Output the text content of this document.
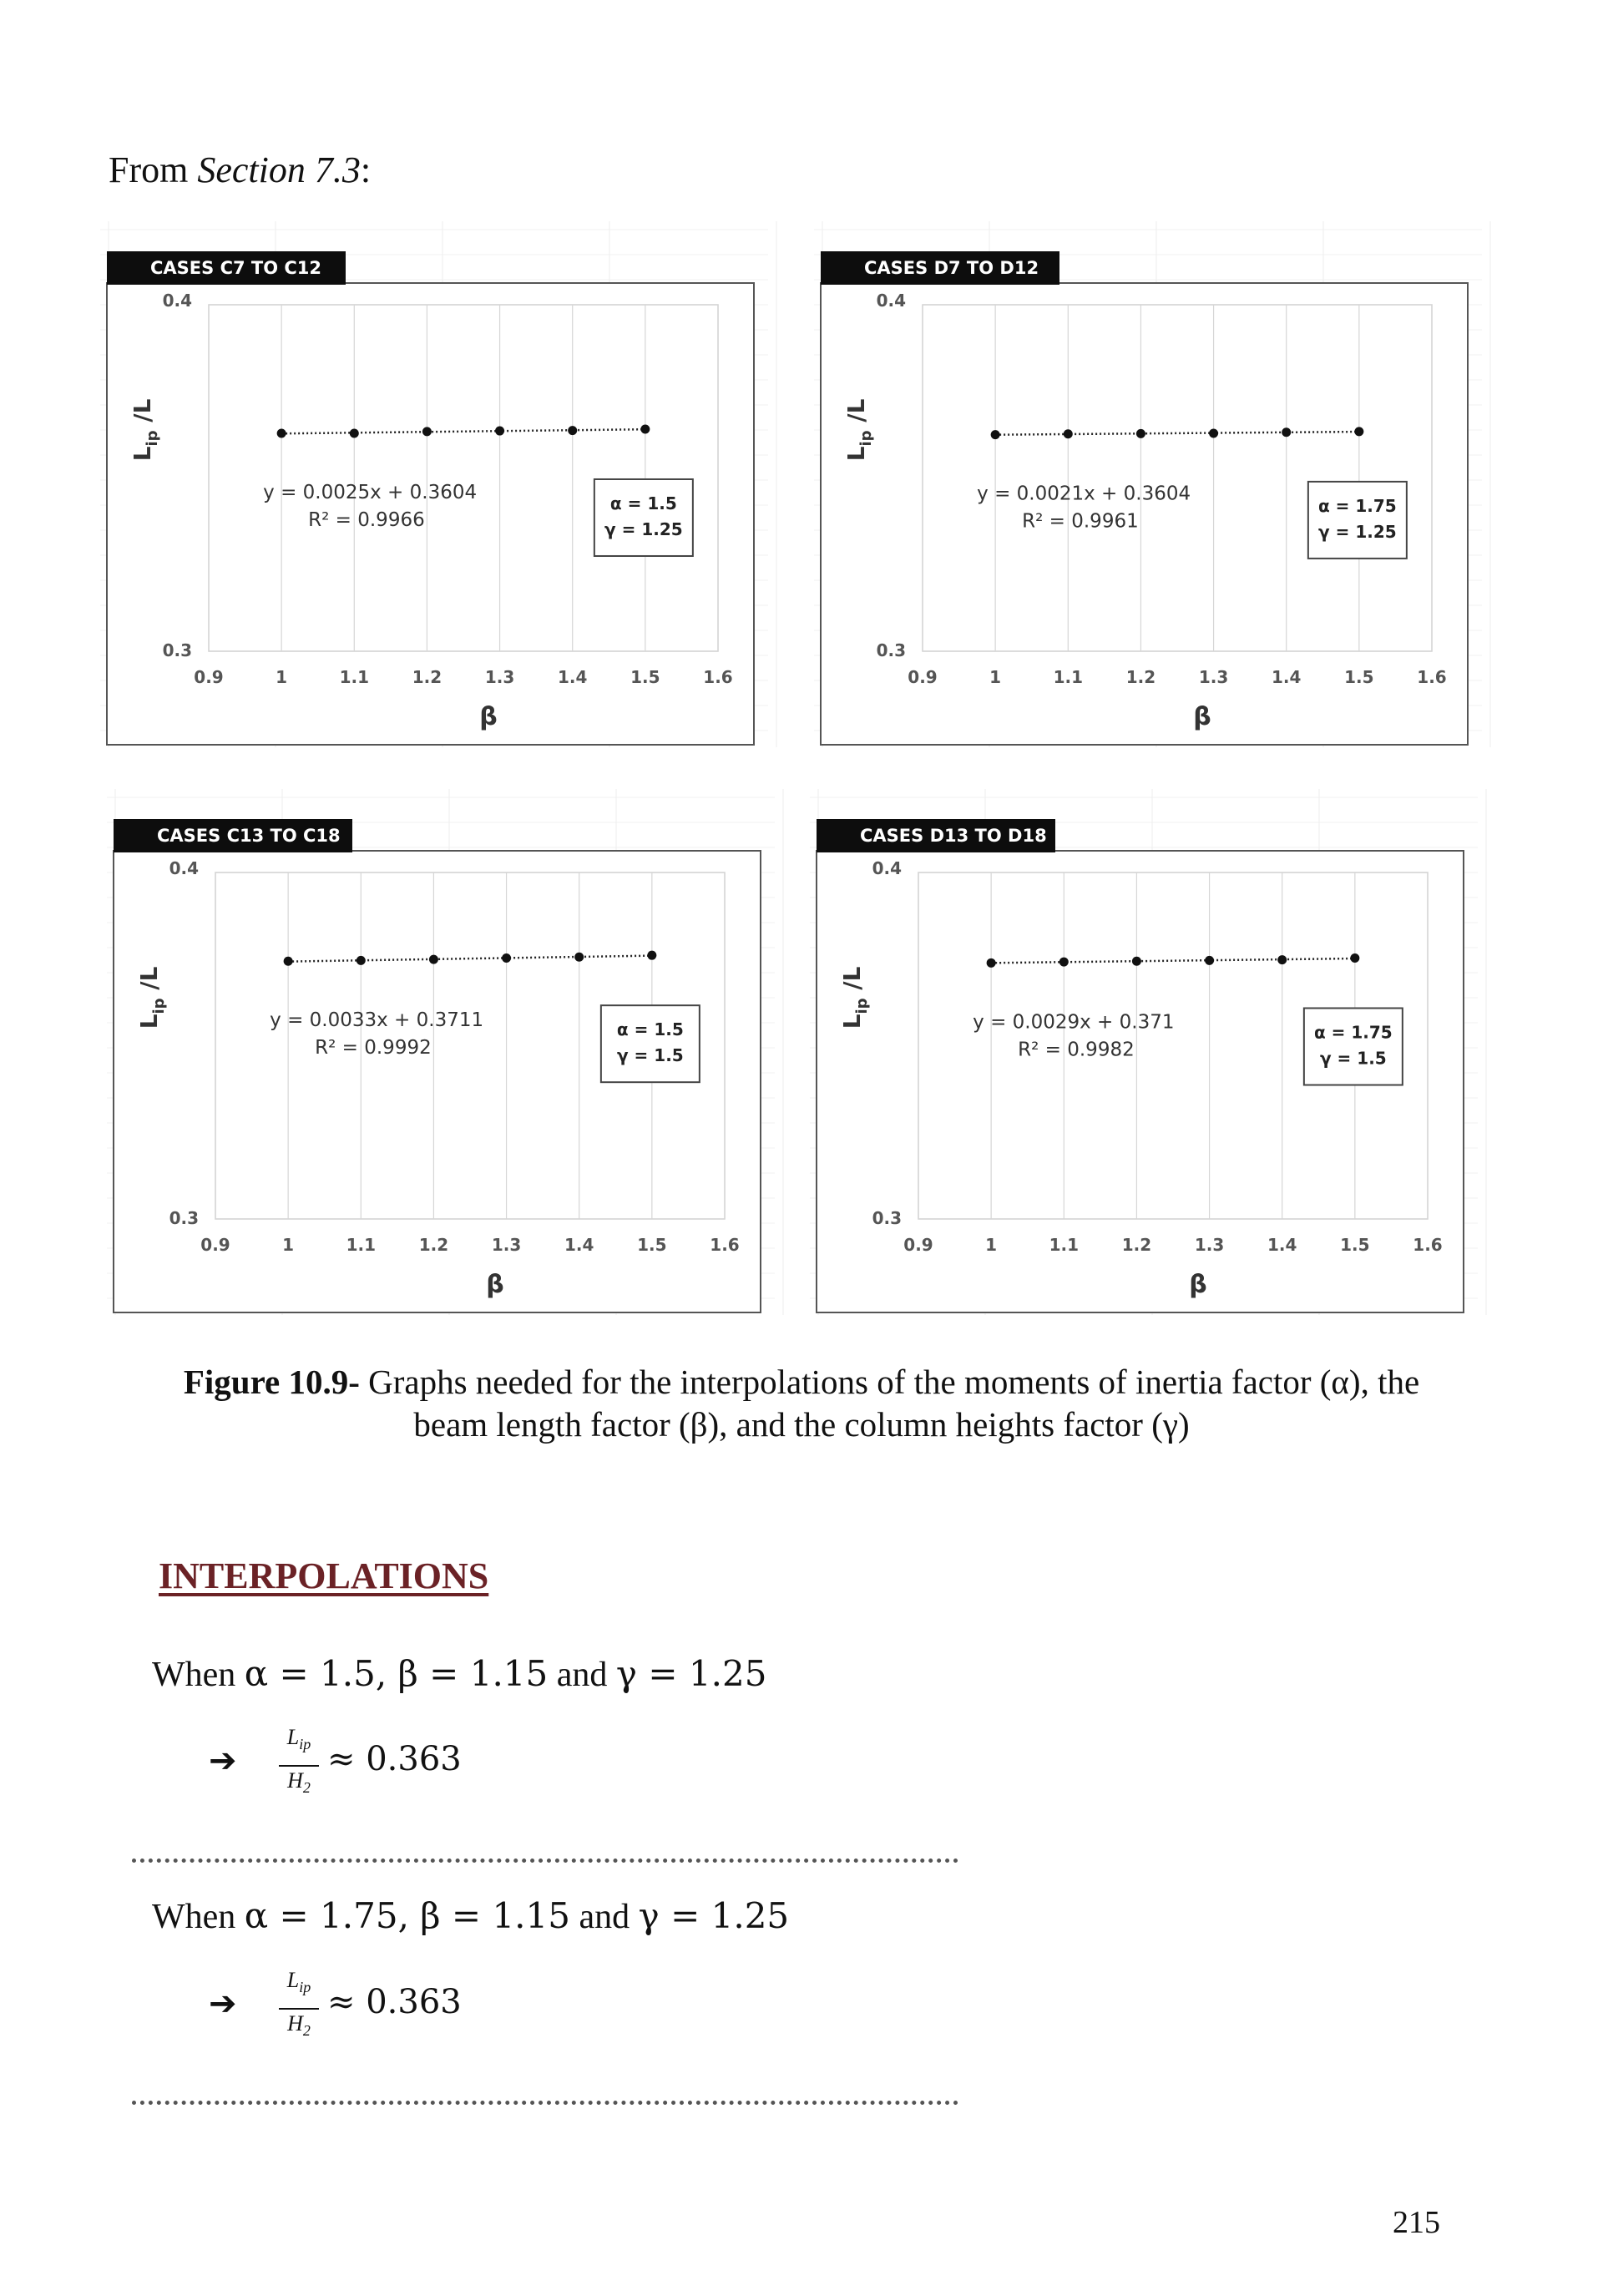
From Section 7.3:
CASES C7 TO C12
0.9	1	1.1	1.2	1.3	1.4	1.5	1.6
0.4
0.3
β
$L_{ip}$ /L
y = 0.0025x + 0.3604
R² = 0.9966
α = 1.5
γ = 1.25
CASES D7 TO D12
0.9	1	1.1	1.2	1.3	1.4	1.5	1.6
0.4
0.3
β
$L_{ip}$ /L
y = 0.0021x + 0.3604
R² = 0.9961
α = 1.75
γ = 1.25
CASES C13 TO C18
0.9	1	1.1	1.2	1.3	1.4	1.5	1.6
0.4
0.3
β
$L_{ip}$ /L
y = 0.0033x + 0.3711
R² = 0.9992
α = 1.5
γ = 1.5
CASES D13 TO D18
0.9	1	1.1	1.2	1.3	1.4	1.5	1.6
0.4
0.3
β
$L_{ip}$ /L
y = 0.0029x + 0.371
R² = 0.9982
α = 1.75
γ = 1.5
Figure 10.9- Graphs needed for the interpolations of the moments of inertia factor (α), the beam length factor (β), and the column heights factor (γ)
INTERPOLATIONS
When α = 1.5, β = 1.15 and γ = 1.25
➔
$L_{ip}$
$H_2$
≈ 0.363
When α = 1.75, β = 1.15 and γ = 1.25
➔
$L_{ip}$
$H_2$
≈ 0.363
215
